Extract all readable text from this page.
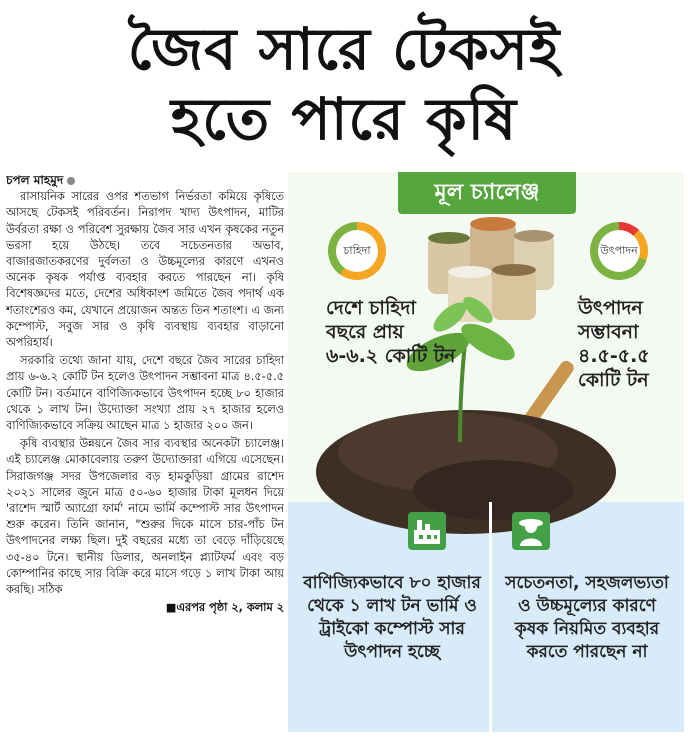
জৈব সারে টেকসই
হতে পারে কৃষি
চপল মাহমুদ

রাসায়নিক সারের ওপর শতভাগ নির্ভরতা কমিয়ে কৃষিতে আসছে টেকসই পরিবর্তন। নিরাপদ খাদ্য উৎপাদন, মাটির উর্বরতা রক্ষা ও পরিবেশ সুরক্ষায় জৈব সার এখন কৃষকের নতুন ভরসা হয়ে উঠছে। তবে সচেতনতার অভাব, বাজারজাতকরণের দুর্বলতা ও উচ্চমূল্যের কারণে এখনও অনেক কৃষক পর্যাপ্ত ব্যবহার করতে পারছেন না। কৃষি বিশেষজ্ঞদের মতে, দেশের অধিকাংশ জমিতে জৈব পদার্থ এক শতাংশেরও কম, যেখানে প্রয়োজন অন্তত তিন শতাংশ। এ জন্য কম্পোস্ট, সবুজ সার ও কৃষি ব্যবস্থায় ব্যবহার বাড়ানো অপরিহার্য।

সরকারি তথ্যে জানা যায়, দেশে বছরে জৈব সারের চাহিদা প্রায় ৬-৬.২ কোটি টন হলেও উৎপাদন সম্ভাবনা মাত্র ৪.৫-৫.৫ কোটি টন। বর্তমানে বাণিজ্যিকভাবে উৎপাদন হচ্ছে ৮০ হাজার থেকে ১ লাখ টন। উদ্যোক্তা সংখ্যা প্রায় ২৭ হাজার হলেও বাণিজ্যিকভাবে সক্রিয় আছেন মাত্র ১ হাজার ২০০ জন।

কৃষি ব্যবস্থার উন্নয়নে জৈব সার ব্যবস্থার অনেকটা চ্যালেঞ্জ। এই চ্যালেঞ্জ মোকাবেলায় তরুণ উদ্যোক্তারা এগিয়ে এসেছেন। সিরাজগঞ্জ সদর উপজেলার বড় হামকুড়িয়া গ্রামের রাশেদ ২০২১ সালের জুনে মাত্র ৫০-৬০ হাজার টাকা মূলধন দিয়ে 'রাশেদ স্মার্ট অ্যাগ্রো ফার্ম' নামে ভার্মি কম্পোস্ট সার উৎপাদন শুরু করেন। তিনি জানান, "শুরুর দিকে মাসে চার-পাঁচ টন উৎপাদনের লক্ষ্য ছিল। দুই বছরের মধ্যে তা বেড়ে দাঁড়িয়েছে ৩৫-৪০ টনে। স্থানীয় ডিলার, অনলাইন প্ল্যাটফর্ম এবং বড় কোম্পানির কাছে সার বিক্রি করে মাসে গড়ে ১ লাখ টাকা আয় করছি। সঠিক

■ এরপর পৃষ্ঠা ২, কলাম ২
মূল চ্যালেঞ্জ
চাহিদা	উৎপাদন
দেশে চাহিদা বছরে প্রায় ৬-৬.২ কোটি টন
উৎপাদন সম্ভাবনা ৪.৫-৫.৫ কোটি টন
বাণিজ্যিকভাবে ৮০ হাজার থেকে ১ লাখ টন ভার্মি ও ট্রাইকো কম্পোস্ট সার উৎপাদন হচ্ছে
সচেতনতা, সহজলভ্যতা ও উচ্চমূল্যের কারণে কৃষক নিয়মিত ব্যবহার করতে পারছেন না
